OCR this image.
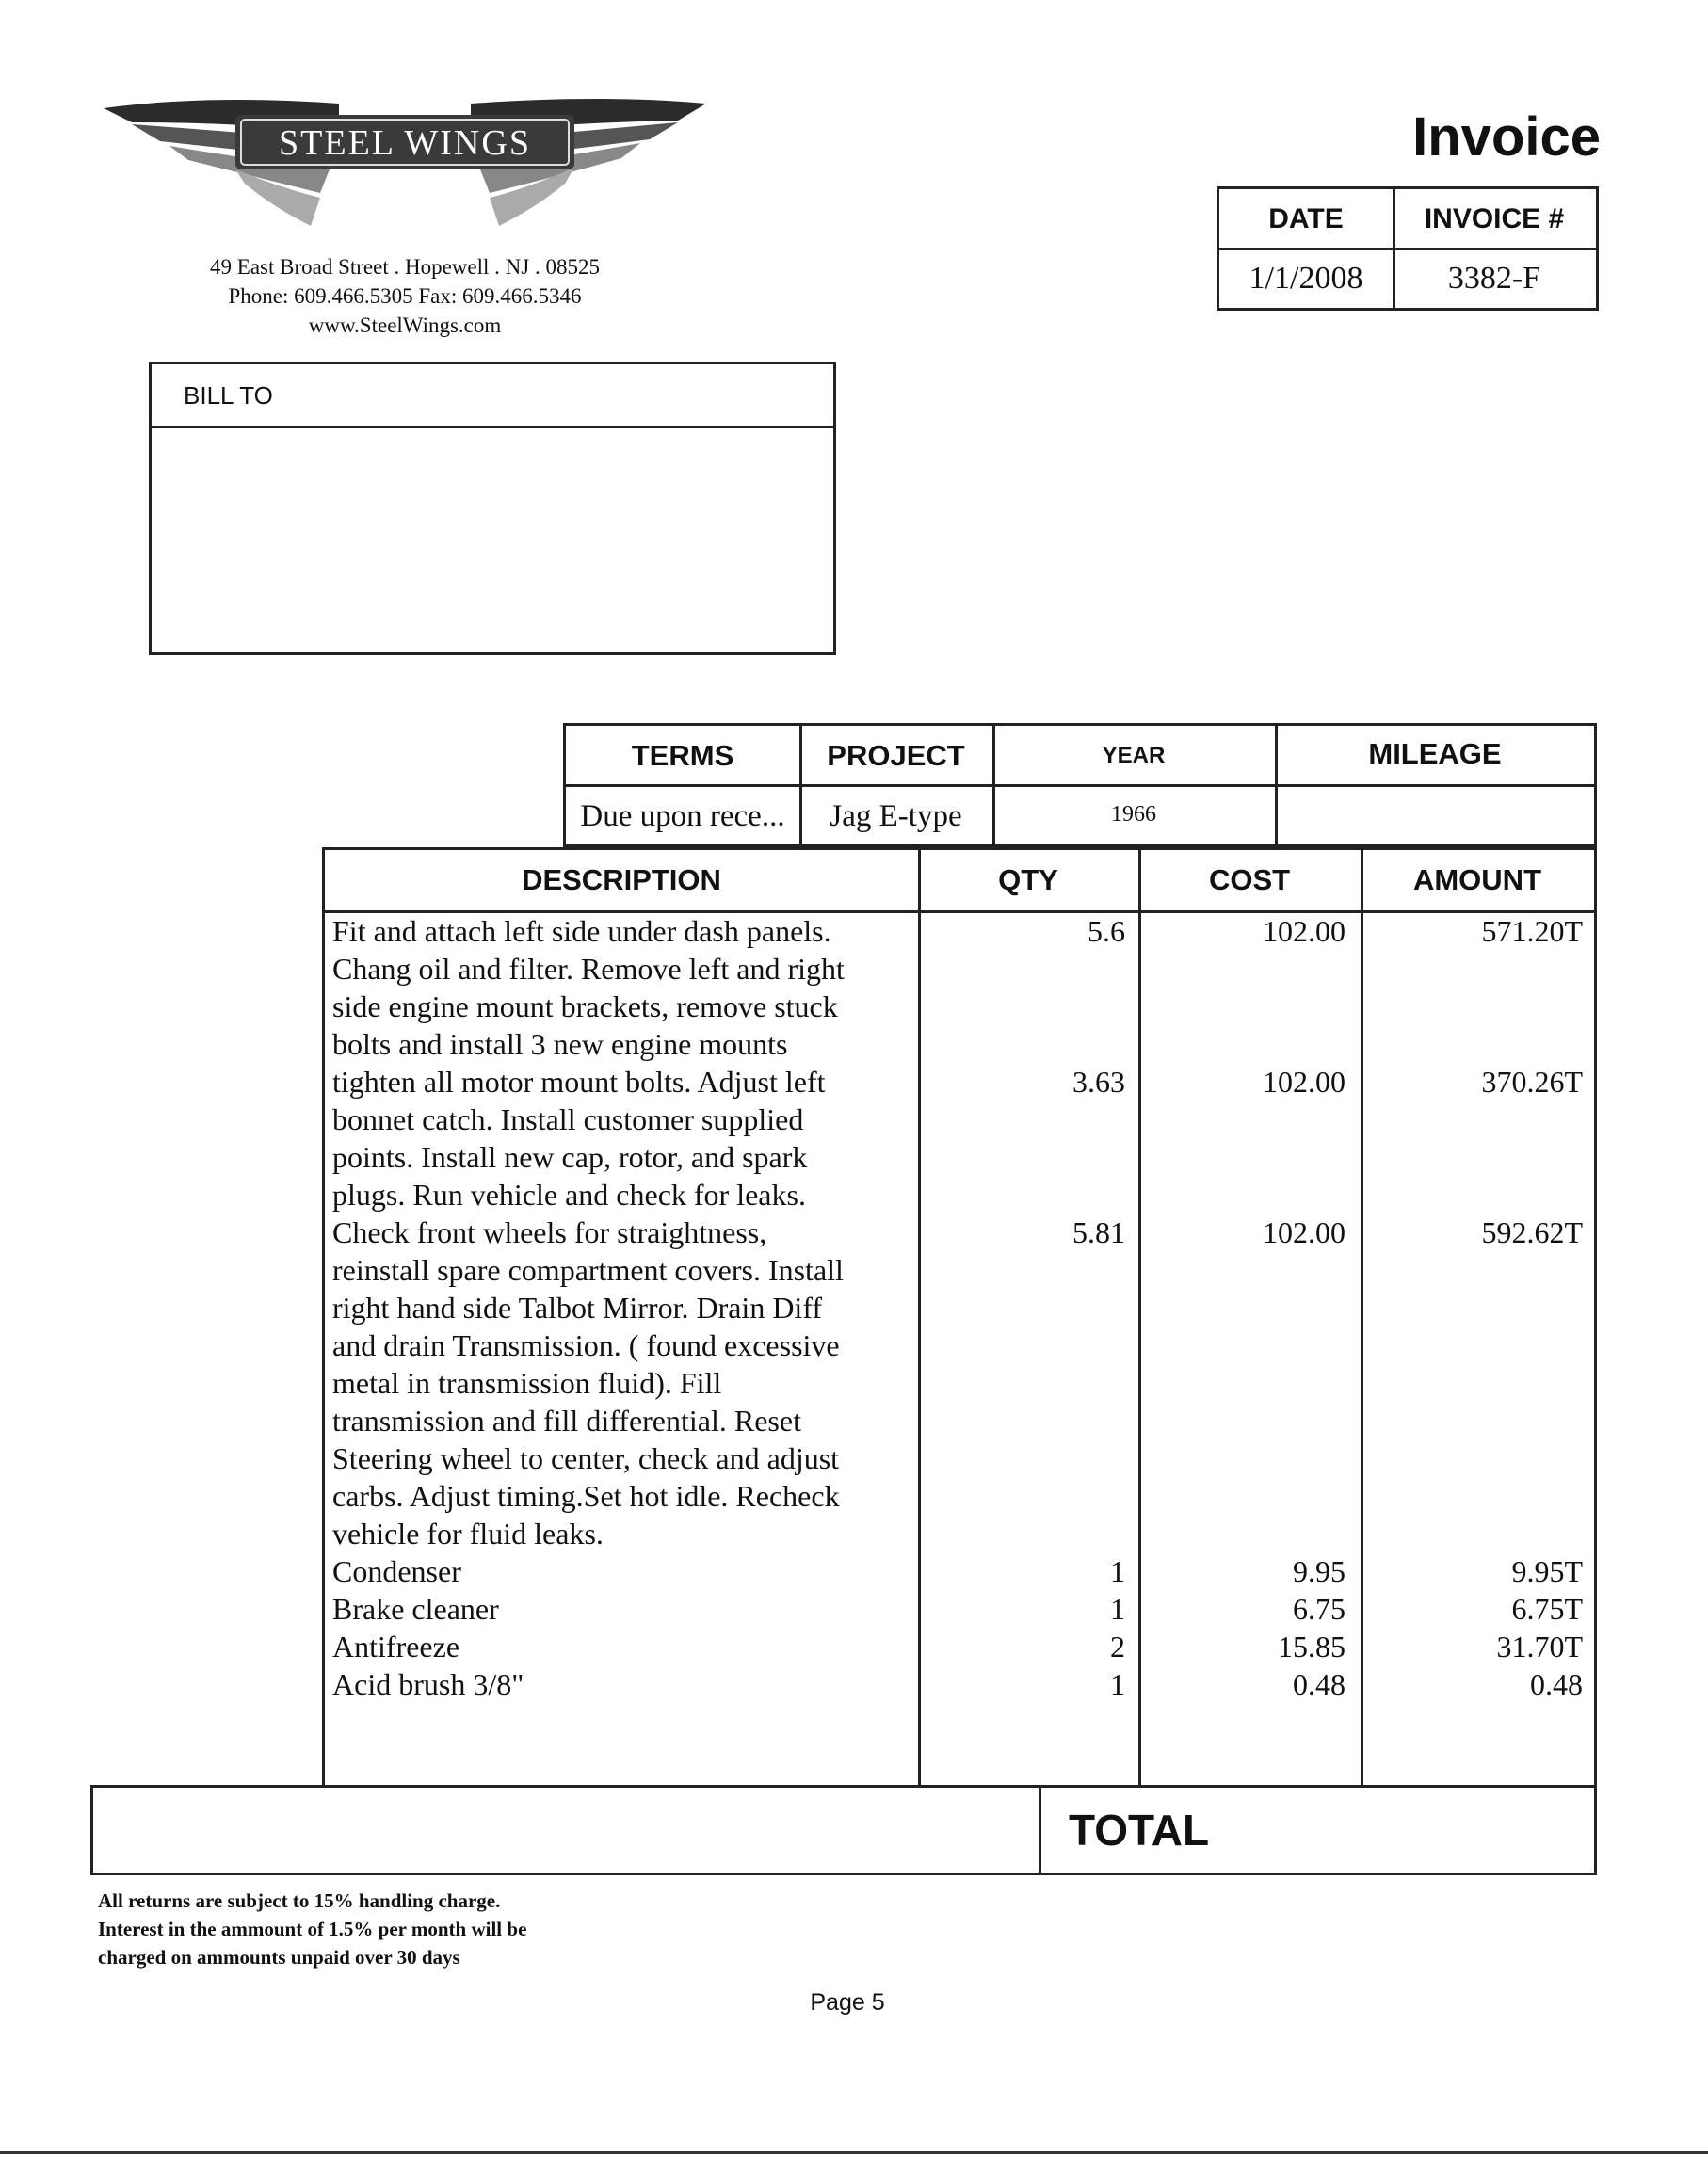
STEEL WINGS
49 East Broad Street . Hopewell . NJ . 08525
Phone: 609.466.5305 Fax: 609.466.5346
www.SteelWings.com
Invoice
DATE	INVOICE #
1/1/2008	3382-F
BILL TO
TERMS	PROJECT	YEAR	MILEAGE
Due upon rece...	Jag E-type	1966
DESCRIPTION	QTY	COST	AMOUNT
Fit and attach left side under dash panels.
Chang oil and filter. Remove left and right
side engine mount brackets, remove stuck
bolts and install 3 new engine mounts
5.6	102.00	571.20T
tighten all motor mount bolts. Adjust left
bonnet catch. Install customer supplied
points. Install new cap, rotor, and spark
plugs. Run vehicle and check for leaks.
3.63	102.00	370.26T
Check front wheels for straightness,
reinstall spare compartment covers. Install
right hand side Talbot Mirror. Drain Diff
and drain Transmission. ( found excessive
metal in transmission fluid). Fill
transmission and fill differential. Reset
Steering wheel to center, check and adjust
carbs. Adjust timing.Set hot idle. Recheck
vehicle for fluid leaks.
5.81	102.00	592.62T
Condenser	1	9.95	9.95T
Brake cleaner	1	6.75	6.75T
Antifreeze	2	15.85	31.70T
Acid brush 3/8"	1	0.48	0.48
TOTAL
All returns are subject to 15% handling charge.
Interest in the ammount of 1.5% per month will be
charged on ammounts unpaid over 30 days
Page 5
